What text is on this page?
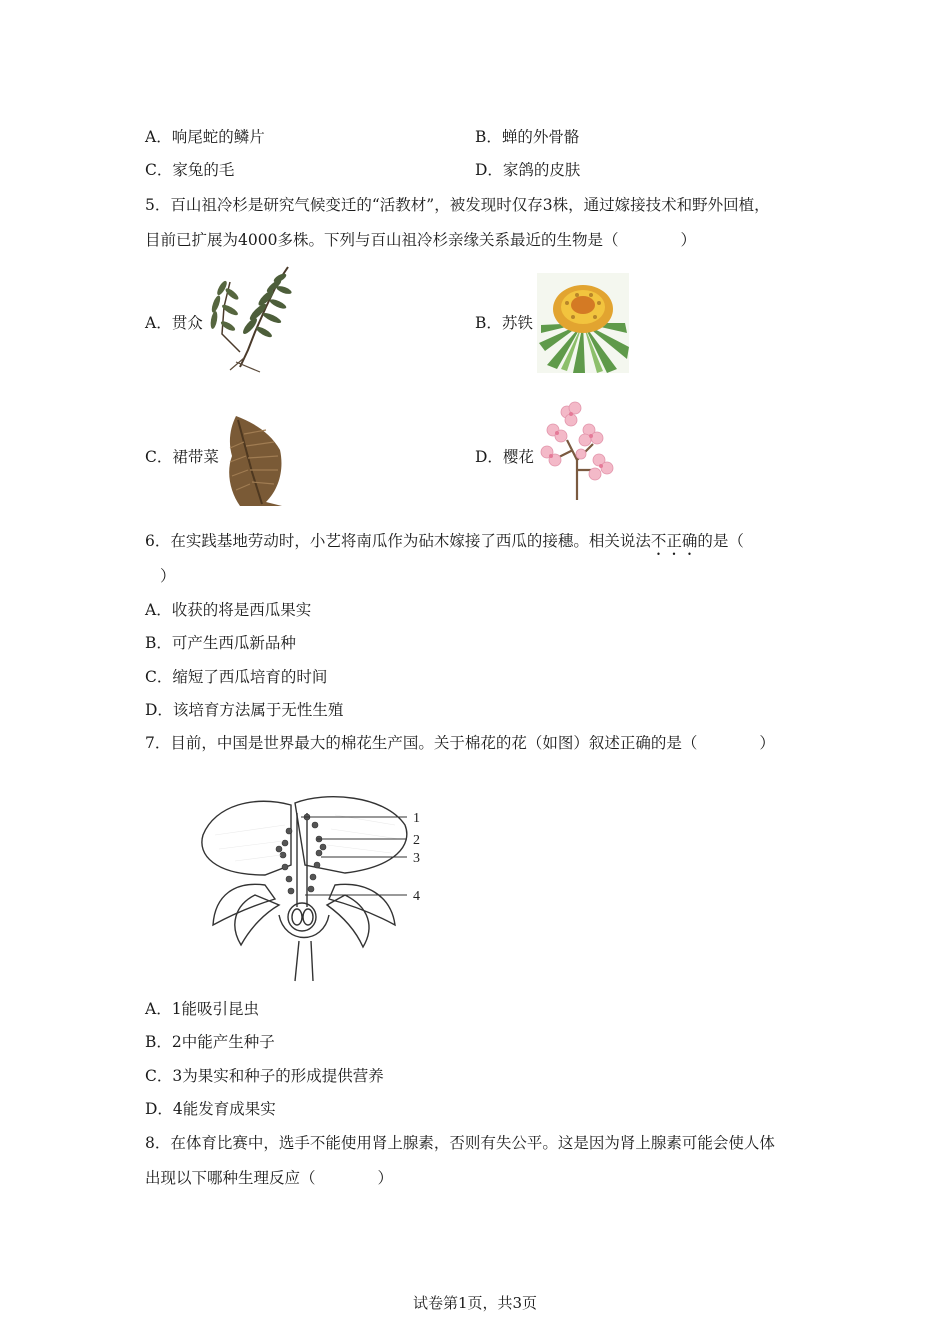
A．响尾蛇的鳞片	B．蝉的外骨骼
C．家兔的毛	D．家鸽的皮肤
5．百山祖冷杉是研究气候变迁的“活教材”，被发现时仅存3株，通过嫁接技术和野外回植，
目前已扩展为4000多株。下列与百山祖冷杉亲缘关系最近的生物是（　　　　）
A．贯众	B．苏铁
C．裙带菜	D．樱花
6．在实践基地劳动时，小艺将南瓜作为砧木嫁接了西瓜的接穗。相关说法不正确的是（
）
A．收获的将是西瓜果实
B．可产生西瓜新品种
C．缩短了西瓜培育的时间
D．该培育方法属于无性生殖
7．目前，中国是世界最大的棉花生产国。关于棉花的花（如图）叙述正确的是（　　　　）
1
2
3
4
A．1能吸引昆虫
B．2中能产生种子
C．3为果实和种子的形成提供营养
D．4能发育成果实
8．在体育比赛中，选手不能使用肾上腺素，否则有失公平。这是因为肾上腺素可能会使人体
出现以下哪种生理反应（　　　　）
试卷第1页，共3页
